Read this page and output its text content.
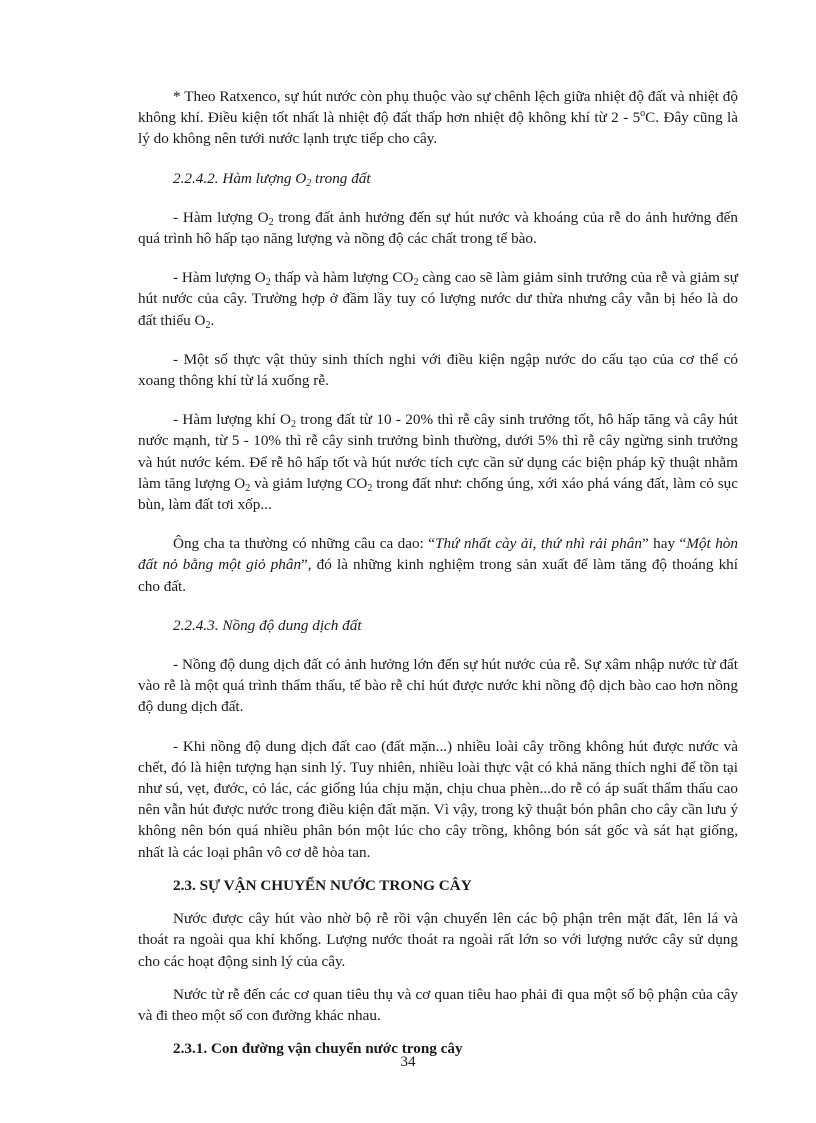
* Theo Ratxenco, sự hút nước còn phụ thuộc vào sự chênh lệch giữa nhiệt độ đất và nhiệt độ không khí. Điều kiện tốt nhất là nhiệt độ đất thấp hơn nhiệt độ không khí từ 2 - 5$^o$C. Đây cũng là lý do không nên tưới nước lạnh trực tiếp cho cây.

2.2.4.2. Hàm lượng $O_2$ trong đất

- Hàm lượng $O_2$ trong đất ảnh hưởng đến sự hút nước và khoáng của rễ do ảnh hưởng đến quá trình hô hấp tạo năng lượng và nồng độ các chất trong tế bào.

- Hàm lượng $O_2$ thấp và hàm lượng $CO_2$ càng cao sẽ làm giảm sinh trưởng của rễ và giảm sự hút nước của cây. Trường hợp ở đầm lầy tuy có lượng nước dư thừa nhưng cây vẫn bị héo là do đất thiếu $O_2$.

- Một số thực vật thủy sinh thích nghi với điều kiện ngập nước do cấu tạo của cơ thể có xoang thông khí từ lá xuống rễ.

- Hàm lượng khí $O_2$ trong đất từ 10 - 20% thì rễ cây sinh trưởng tốt, hô hấp tăng và cây hút nước mạnh, từ 5 - 10% thì rễ cây sinh trưởng bình thường, dưới 5% thì rễ cây ngừng sinh trưởng và hút nước kém. Để rễ hô hấp tốt và hút nước tích cực cần sử dụng các biện pháp kỹ thuật nhằm làm tăng lượng $O_2$ và giảm lượng $CO_2$ trong đất như: chống úng, xới xáo phá váng đất, làm cỏ sục bùn, làm đất tơi xốp...

Ông cha ta thường có những câu ca dao: “Thứ nhất cày ải, thứ nhì rải phân” hay “Một hòn đất nỏ bằng một giỏ phân”, đó là những kinh nghiệm trong sản xuất để làm tăng độ thoáng khí cho đất.

2.2.4.3. Nồng độ dung dịch đất

- Nồng độ dung dịch đất có ảnh hưởng lớn đến sự hút nước của rễ. Sự xâm nhập nước từ đất vào rễ là một quá trình thẩm thấu, tế bào rễ chỉ hút được nước khi nồng độ dịch bào cao hơn nồng độ dung dịch đất.

- Khi nồng độ dung dịch đất cao (đất mặn...) nhiều loài cây trồng không hút được nước và chết, đó là hiện tượng hạn sinh lý. Tuy nhiên, nhiều loài thực vật có khả năng thích nghi để tồn tại như sú, vẹt, đước, cỏ lác, các giống lúa chịu mặn, chịu chua phèn...do rễ có áp suất thẩm thấu cao nên vẫn hút được nước trong điều kiện đất mặn. Vì vậy, trong kỹ thuật bón phân cho cây cần lưu ý không nên bón quá nhiều phân bón một lúc cho cây trồng, không bón sát gốc và sát hạt giống, nhất là các loại phân vô cơ dễ hòa tan.

2.3. SỰ VẬN CHUYỂN NƯỚC TRONG CÂY

Nước được cây hút vào nhờ bộ rễ rồi vận chuyển lên các bộ phận trên mặt đất, lên lá và thoát ra ngoài qua khí khổng. Lượng nước thoát ra ngoài rất lớn so với lượng nước cây sử dụng cho các hoạt động sinh lý của cây.

Nước từ rễ đến các cơ quan tiêu thụ và cơ quan tiêu hao phải đi qua một số bộ phận của cây và đi theo một số con đường khác nhau.

2.3.1. Con đường vận chuyển nước trong cây

34
